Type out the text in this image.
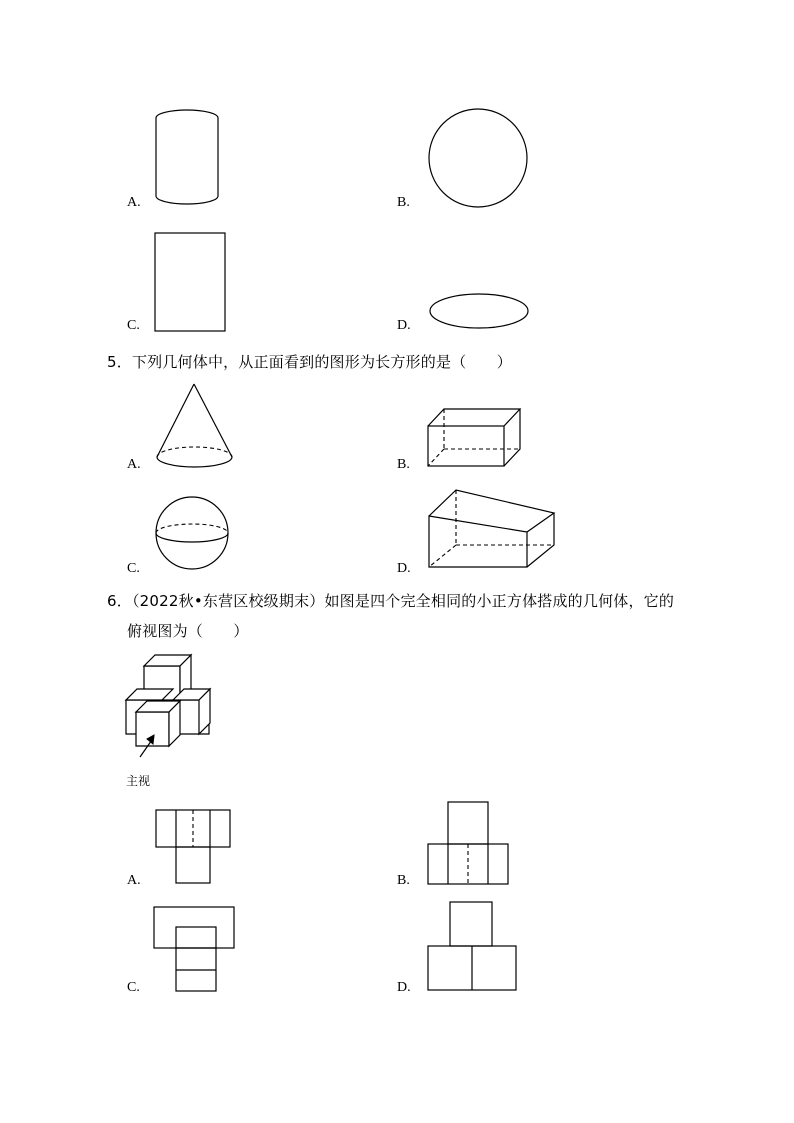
A.	B.
C.	D.
5．下列几何体中，从正面看到的图形为长方形的是（　　）
A.	B.
C.	D.
6．（2022秋•东营区校级期末）如图是四个完全相同的小正方体搭成的几何体，它的
俯视图为（　　）
主视
A.	B.
C.	D.
